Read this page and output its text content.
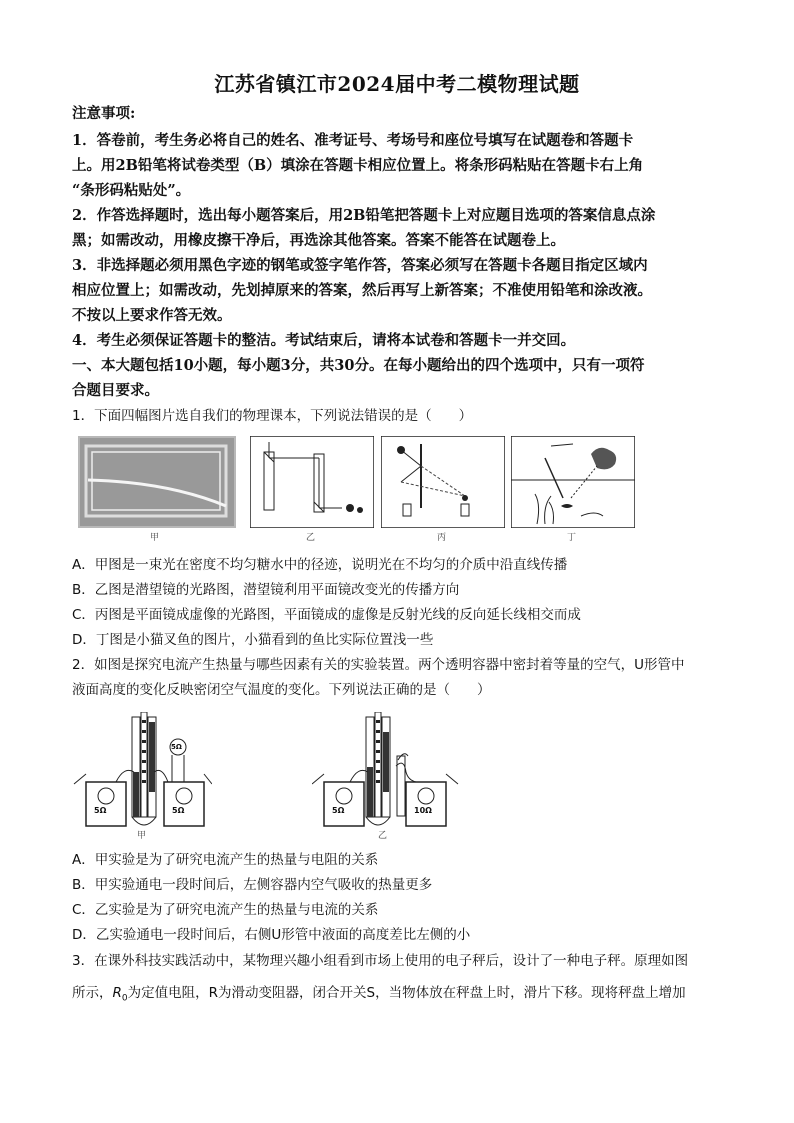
江苏省镇江市2024届中考二模物理试题
注意事项:
1．答卷前，考生务必将自己的姓名、准考证号、考场号和座位号填写在试题卷和答题卡
上。用2B铅笔将试卷类型（B）填涂在答题卡相应位置上。将条形码粘贴在答题卡右上角
“条形码粘贴处”。
2．作答选择题时，选出每小题答案后，用2B铅笔把答题卡上对应题目选项的答案信息点涂
黑；如需改动，用橡皮擦干净后，再选涂其他答案。答案不能答在试题卷上。
3．非选择题必须用黑色字迹的钢笔或签字笔作答，答案必须写在答题卡各题目指定区域内
相应位置上；如需改动，先划掉原来的答案，然后再写上新答案；不准使用铅笔和涂改液。
不按以上要求作答无效。
4．考生必须保证答题卡的整洁。考试结束后，请将本试卷和答题卡一并交回。
一、本大题包括10小题，每小题3分，共30分。在每小题给出的四个选项中，只有一项符
合题目要求。
1．下面四幅图片选自我们的物理课本，下列说法错误的是（　　）
甲	乙	丙	丁
A．甲图是一束光在密度不均匀糖水中的径迹，说明光在不均匀的介质中沿直线传播
B．乙图是潜望镜的光路图，潜望镜利用平面镜改变光的传播方向
C．丙图是平面镜成虚像的光路图，平面镜成的虚像是反射光线的反向延长线相交而成
D．丁图是小猫叉鱼的图片，小猫看到的鱼比实际位置浅一些
2．如图是探究电流产生热量与哪些因素有关的实验装置。两个透明容器中密封着等量的空气，U形管中
液面高度的变化反映密闭空气温度的变化。下列说法正确的是（　　）
5Ω	5Ω
5Ω
甲
5Ω	10Ω
乙
A．甲实验是为了研究电流产生的热量与电阻的关系
B．甲实验通电一段时间后，左侧容器内空气吸收的热量更多
C．乙实验是为了研究电流产生的热量与电流的关系
D．乙实验通电一段时间后，右侧U形管中液面的高度差比左侧的小
3．在课外科技实践活动中，某物理兴趣小组看到市场上使用的电子秤后，设计了一种电子秤。原理如图
所示，$R_0$为定值电阻，R为滑动变阻器，闭合开关S，当物体放在秤盘上时，滑片下移。现将秤盘上增加
